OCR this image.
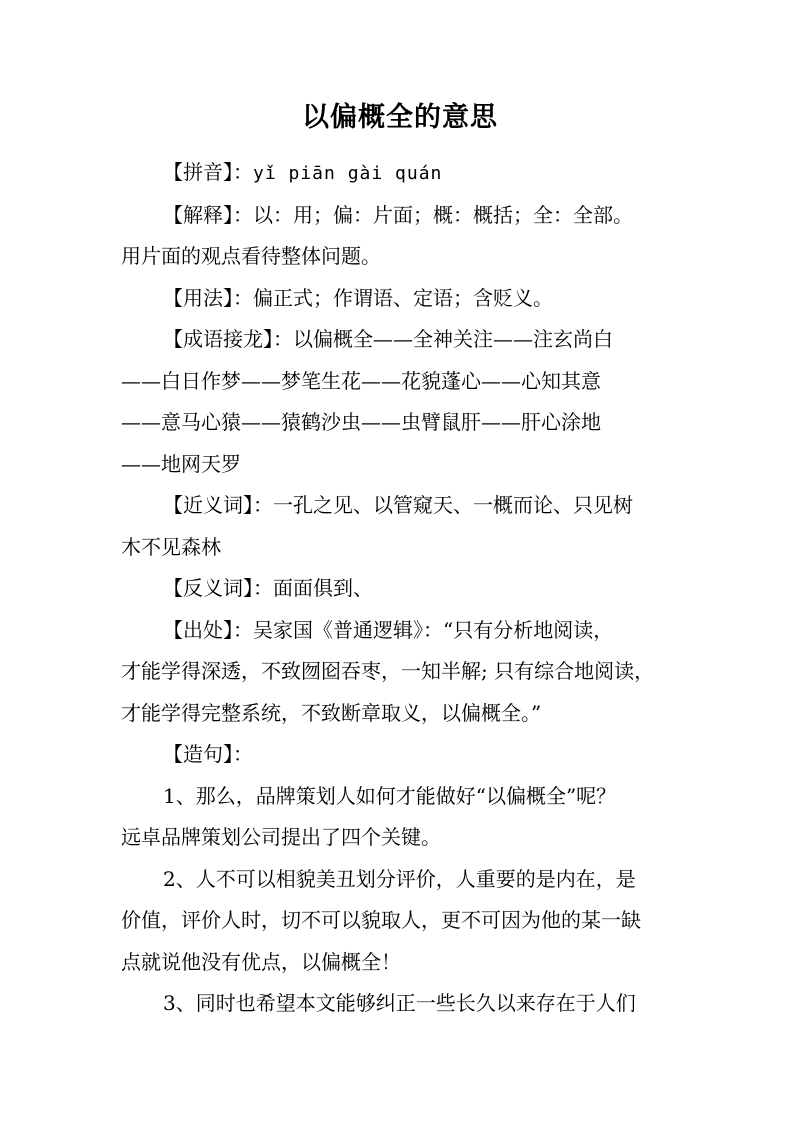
以偏概全的意思

【拼音】：yǐ piān gài quán

【解释】：以：用；偏：片面；概：概括；全：全部。
用片面的观点看待整体问题。

【用法】：偏正式；作谓语、定语；含贬义。

【成语接龙】：以偏概全——全神关注——注玄尚白
——白日作梦——梦笔生花——花貌蓬心——心知其意
——意马心猿——猿鹤沙虫——虫臂鼠肝——肝心涂地
——地网天罗
【近义词】：一孔之见、以管窥天、一概而论、只见树
木不见森林

【反义词】：面面俱到、

【出处】：吴家国《普通逻辑》：“只有分析地阅读，
才能学得深透，不致囫囵吞枣，一知半解; 只有综合地阅读，
才能学得完整系统，不致断章取义，以偏概全。”

【造句】：

1、那么，品牌策划人如何才能做好“以偏概全”呢？
远卓品牌策划公司提出了四个关键。
2、人不可以相貌美丑划分评价，人重要的是内在，是
价值，评价人时，切不可以貌取人，更不可因为他的某一缺
点就说他没有优点，以偏概全！
3、同时也希望本文能够纠正一些长久以来存在于人们
